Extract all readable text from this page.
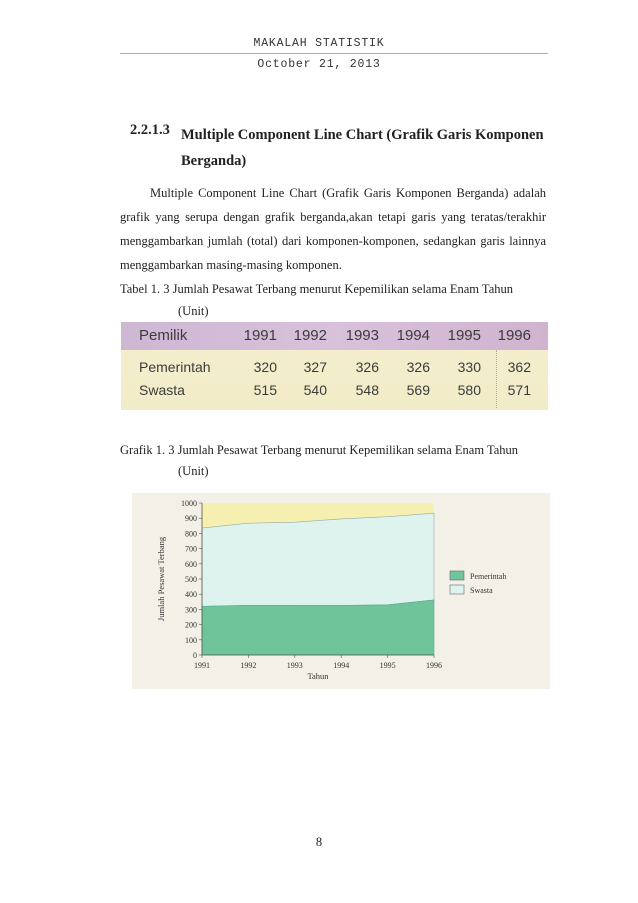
MAKALAH STATISTIK
October 21, 2013
2.2.1.3 Multiple Component Line Chart (Grafik Garis Komponen Berganda)
Multiple Component Line Chart (Grafik Garis Komponen Berganda) adalah grafik yang serupa dengan grafik berganda,akan tetapi garis yang teratas/terakhir menggambarkan jumlah (total) dari komponen-komponen, sedangkan garis lainnya menggambarkan masing-masing komponen.
Tabel 1. 3 Jumlah Pesawat Terbang menurut Kepemilikan selama Enam Tahun
(Unit)
Pemilik	1991	1992	1993	1994	1995	1996
Pemerintah	320	327	326	326	330	362
Swasta	515	540	548	569	580	571
Grafik 1. 3 Jumlah Pesawat Terbang menurut Kepemilikan selama Enam Tahun
(Unit)
0
100
200
300
400
500
600
700
800
900
1000
1991	1992	1993	1994	1995	1996
Tahun
Jumlah Pesawat Terbang	Pemerintah
Swasta
8
